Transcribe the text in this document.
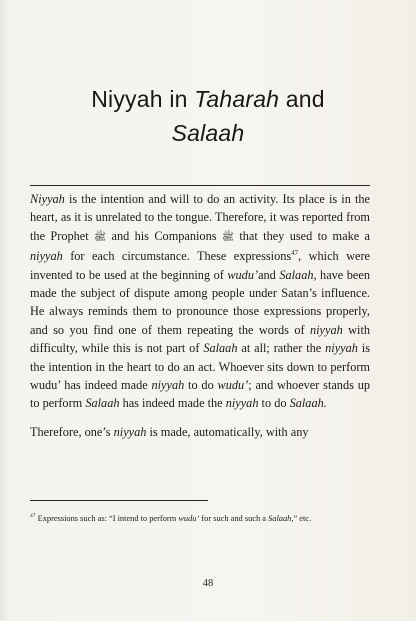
Niyyah in Taharah and
Salaah

Niyyah is the intention and will to do an activity. Its place is in the heart, as it is unrelated to the tongue. Therefore, it was reported from the Prophet ﷺ and his Companions ﷺ that they used to make a niyyah for each circumstance. These expressions$^{47}$, which were invented to be used at the beginning of wudu’and Salaah, have been made the subject of dispute among people under Satan’s influence. He always reminds them to pronounce those expressions properly, and so you find one of them repeating the words of niyyah with difficulty, while this is not part of Salaah at all; rather the niyyah is the intention in the heart to do an act. Whoever sits down to perform wudu’ has indeed made niyyah to do wudu’; and whoever stands up to perform Salaah has indeed made the niyyah to do Salaah.

Therefore, one’s niyyah is made, automatically, with any

$^{47}$ Expressions such as: “I intend to perform wudu’ for such and such a Salaah,” etc.
48
